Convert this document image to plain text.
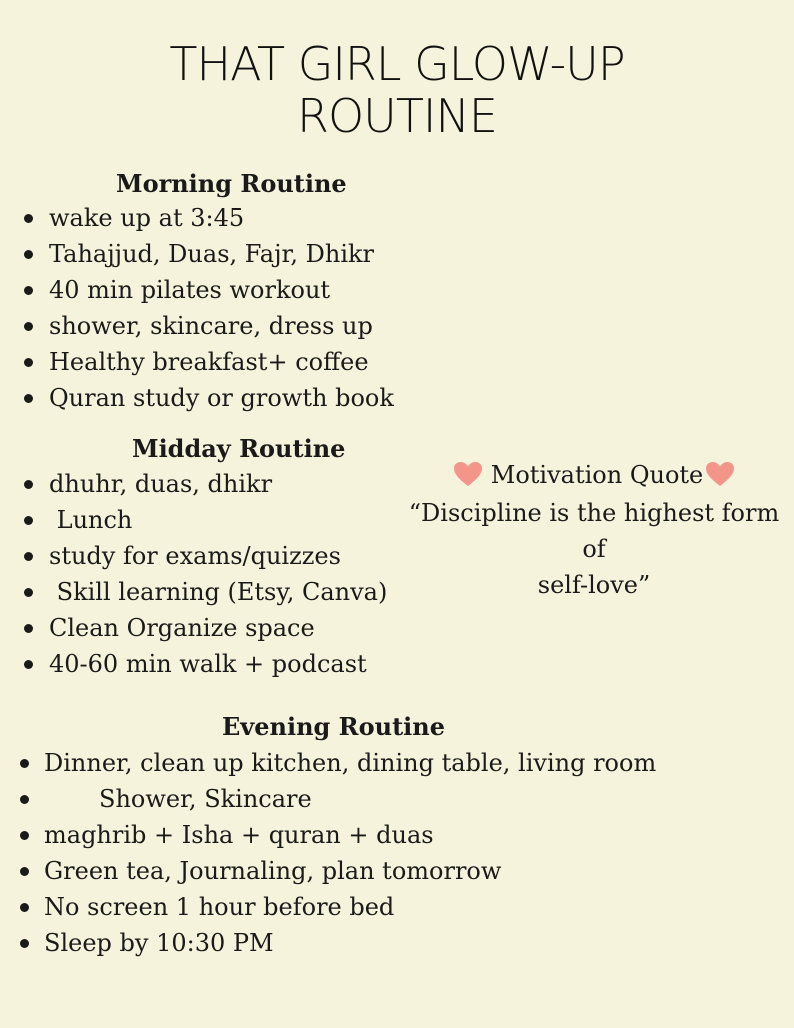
THAT GIRL GLOW-UP
ROUTINE
Morning Routine
wake up at 3:45
Tahajjud, Duas, Fajr, Dhikr
40 min pilates workout
shower, skincare, dress up
Healthy breakfast+ coffee
Quran study or growth book
Midday Routine
dhuhr, duas, dhikr
Lunch
study for exams/quizzes
Skill learning (Etsy, Canva)
Clean Organize space
40-60 min walk + podcast
Motivation Quote
“Discipline is the highest form of
self-love”
Evening Routine
Dinner, clean up kitchen, dining table, living room
Shower, Skincare
maghrib + Isha + quran + duas
Green tea, Journaling, plan tomorrow
No screen 1 hour before bed
Sleep by 10:30 PM
